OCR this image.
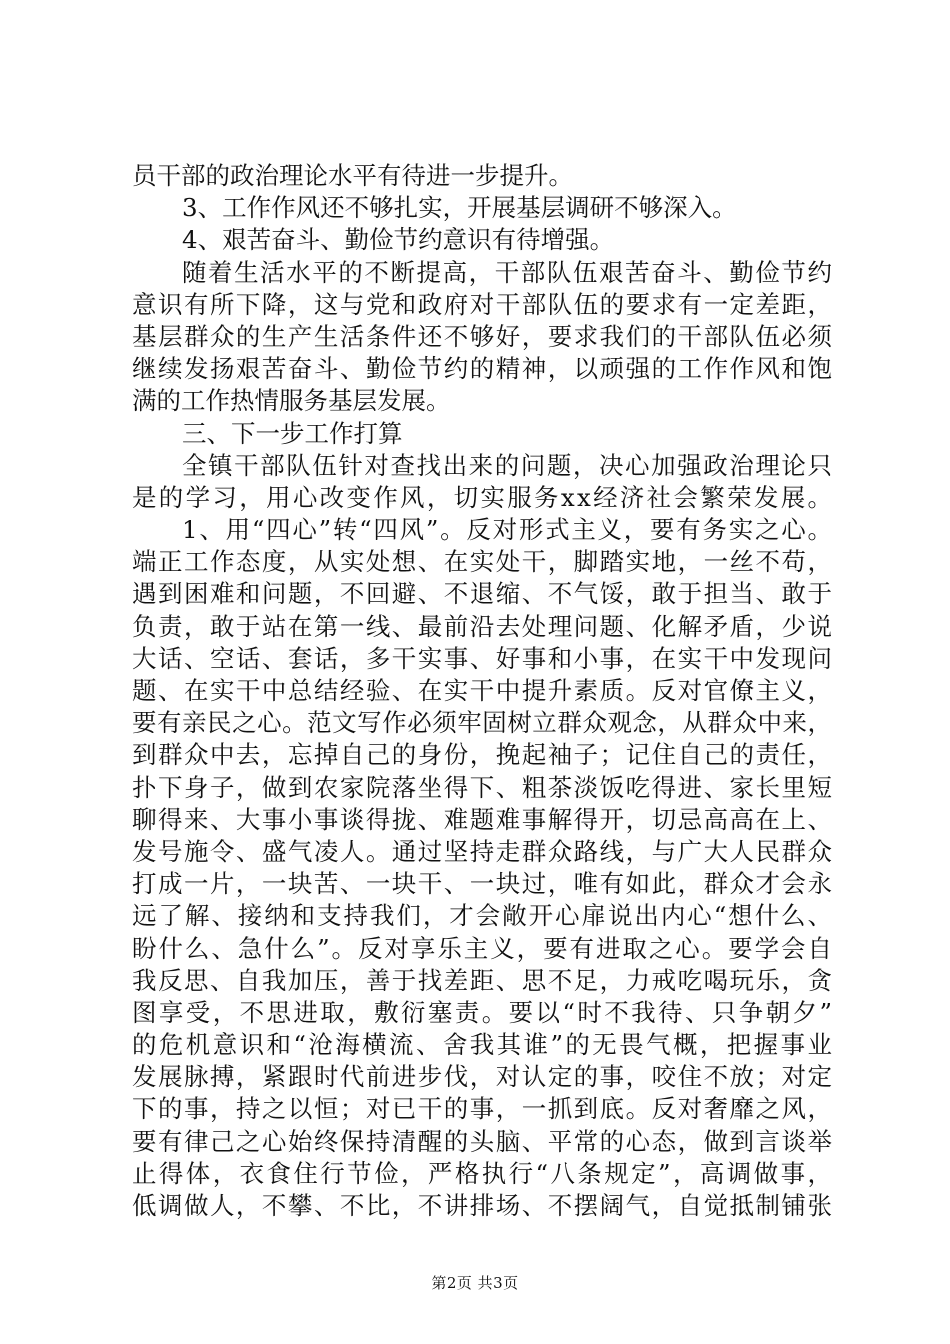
员干部的政治理论水平有待进一步提升。
3、工作作风还不够扎实，开展基层调研不够深入。
4、艰苦奋斗、勤俭节约意识有待增强。
随着生活水平的不断提高，干部队伍艰苦奋斗、勤俭节约
意识有所下降，这与党和政府对干部队伍的要求有一定差距，
基层群众的生产生活条件还不够好，要求我们的干部队伍必须
继续发扬艰苦奋斗、勤俭节约的精神，以顽强的工作作风和饱
满的工作热情服务基层发展。
三、下一步工作打算
全镇干部队伍针对查找出来的问题，决心加强政治理论只
是的学习，用心改变作风，切实服务xx经济社会繁荣发展。
1、用“四心”转“四风”。反对形式主义，要有务实之心。
端正工作态度，从实处想、在实处干，脚踏实地，一丝不苟，
遇到困难和问题，不回避、不退缩、不气馁，敢于担当、敢于
负责，敢于站在第一线、最前沿去处理问题、化解矛盾，少说
大话、空话、套话，多干实事、好事和小事，在实干中发现问
题、在实干中总结经验、在实干中提升素质。反对官僚主义，
要有亲民之心。范文写作必须牢固树立群众观念，从群众中来，
到群众中去，忘掉自己的身份，挽起袖子；记住自己的责任，
扑下身子，做到农家院落坐得下、粗茶淡饭吃得进、家长里短
聊得来、大事小事谈得拢、难题难事解得开，切忌高高在上、
发号施令、盛气凌人。通过坚持走群众路线，与广大人民群众
打成一片，一块苦、一块干、一块过，唯有如此，群众才会永
远了解、接纳和支持我们，才会敞开心扉说出内心“想什么、
盼什么、急什么”。反对享乐主义，要有进取之心。要学会自
我反思、自我加压，善于找差距、思不足，力戒吃喝玩乐，贪
图享受，不思进取，敷衍塞责。要以“时不我待、只争朝夕”
的危机意识和“沧海横流、舍我其谁”的无畏气概，把握事业
发展脉搏，紧跟时代前进步伐，对认定的事，咬住不放；对定
下的事，持之以恒；对已干的事，一抓到底。反对奢靡之风，
要有律己之心始终保持清醒的头脑、平常的心态，做到言谈举
止得体，衣食住行节俭，严格执行“八条规定”，高调做事，
低调做人，不攀、不比，不讲排场、不摆阔气，自觉抵制铺张
第2页 共3页
